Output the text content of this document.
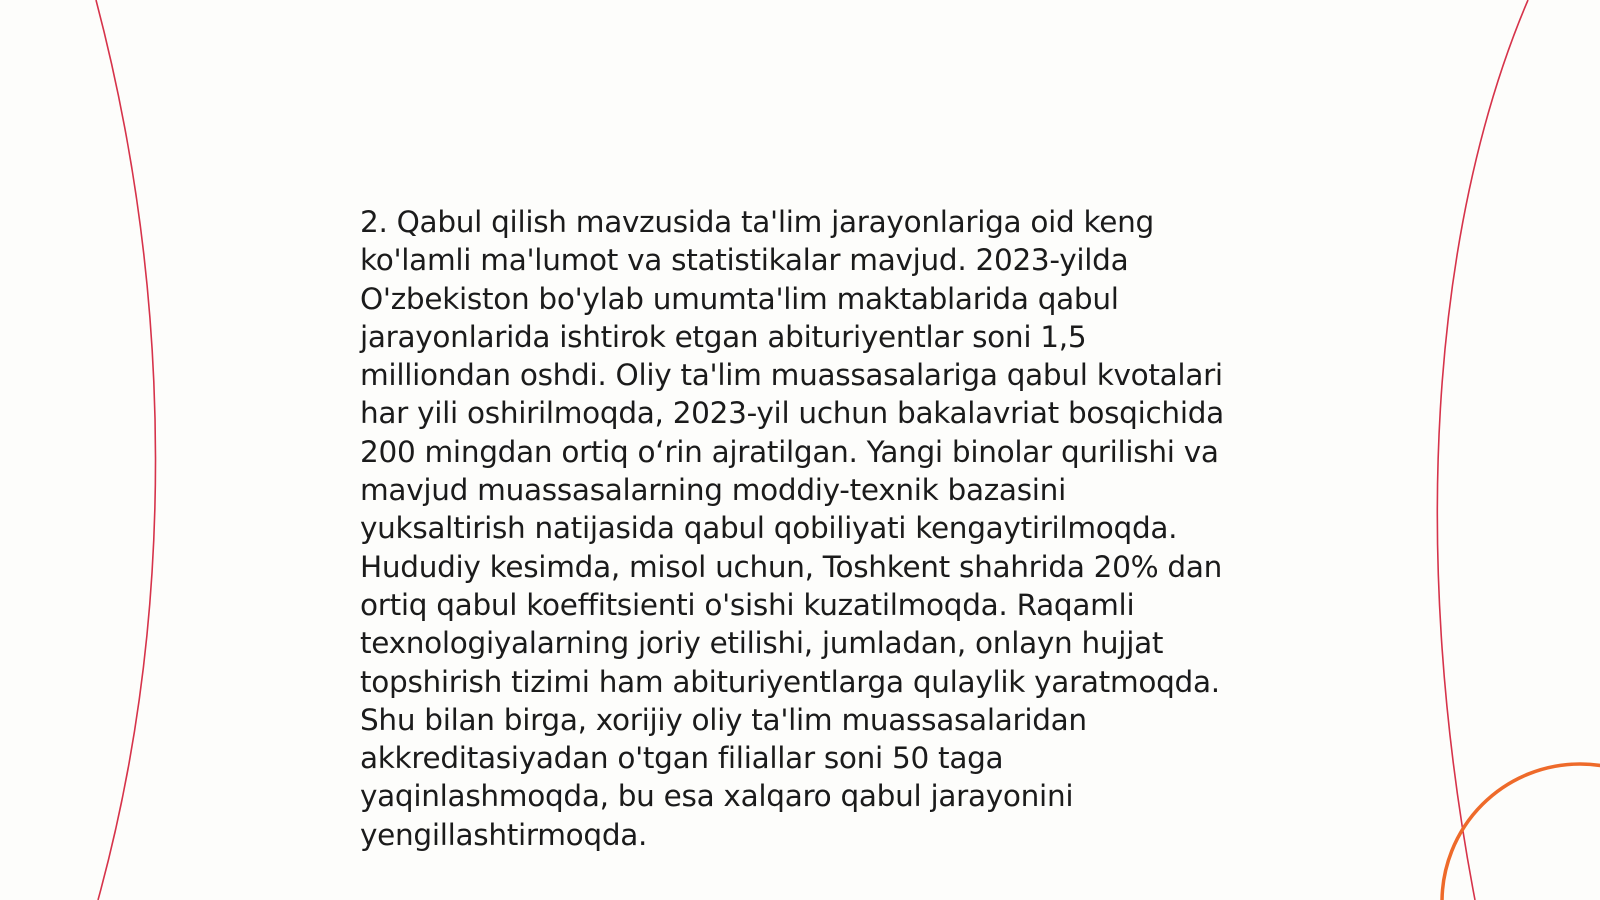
2. Qabul qilish mavzusida ta'lim jarayonlariga oid keng ko'lamli ma'lumot va statistikalar mavjud. 2023-yilda O'zbekiston bo'ylab umumta'lim maktablarida qabul jarayonlarida ishtirok etgan abituriyentlar soni 1,5 milliondan oshdi. Oliy ta'lim muassasalariga qabul kvotalari har yili oshirilmoqda, 2023-yil uchun bakalavriat bosqichida 200 mingdan ortiq o‘rin ajratilgan. Yangi binolar qurilishi va mavjud muassasalarning moddiy-texnik bazasini yuksaltirish natijasida qabul qobiliyati kengaytirilmoqda. Hududiy kesimda, misol uchun, Toshkent shahrida 20% dan ortiq qabul koeffitsienti o'sishi kuzatilmoqda. Raqamli texnologiyalarning joriy etilishi, jumladan, onlayn hujjat topshirish tizimi ham abituriyentlarga qulaylik yaratmoqda. Shu bilan birga, xorijiy oliy ta'lim muassasalaridan akkreditasiyadan o'tgan filiallar soni 50 taga yaqinlashmoqda, bu esa xalqaro qabul jarayonini yengillashtirmoqda.
